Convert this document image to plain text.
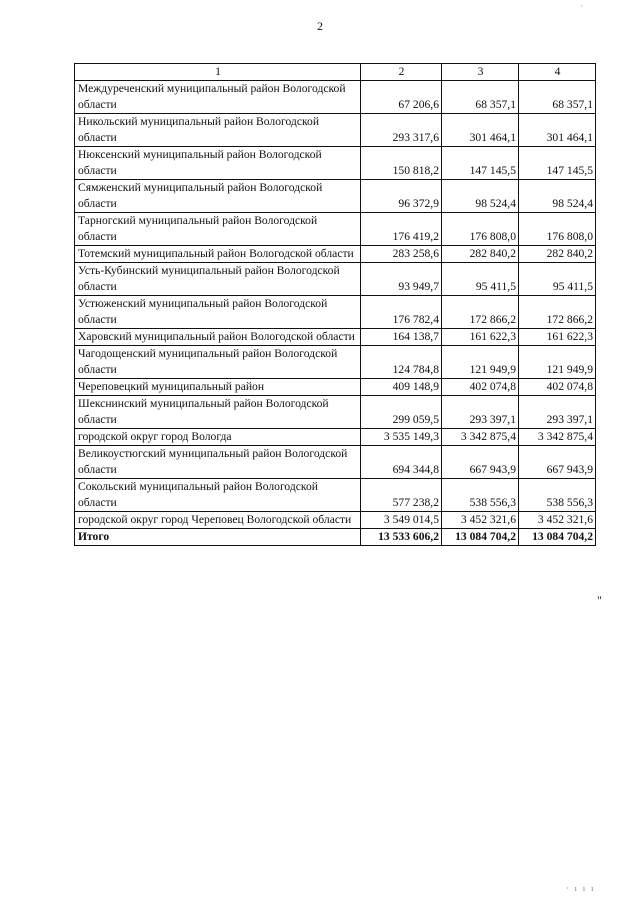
·
2
1	2	3	4
Междуреченский муниципальный район Вологодской области	67 206,6	68 357,1	68 357,1
Никольский муниципальный район Вологодской области	293 317,6	301 464,1	301 464,1
Нюксенский муниципальный район Вологодской области	150 818,2	147 145,5	147 145,5
Сямженский муниципальный район Вологодской области	96 372,9	98 524,4	98 524,4
Тарногский муниципальный район Вологодской области	176 419,2	176 808,0	176 808,0
Тотемский муниципальный район Вологодской области	283 258,6	282 840,2	282 840,2
Усть-Кубинский муниципальный район Вологодской области	93 949,7	95 411,5	95 411,5
Устюженский муниципальный район Вологодской области	176 782,4	172 866,2	172 866,2
Харовский муниципальный район Вологодской области	164 138,7	161 622,3	161 622,3
Чагодощенский муниципальный район Вологодской области	124 784,8	121 949,9	121 949,9
Череповецкий муниципальный район	409 148,9	402 074,8	402 074,8
Шекснинский муниципальный район Вологодской области	299 059,5	293 397,1	293 397,1
городской округ город Вологда	3 535 149,3	3 342 875,4	3 342 875,4
Великоустюгский муниципальный район Вологодской области	694 344,8	667 943,9	667 943,9
Сокольский муниципальный район Вологодской области	577 238,2	538 556,3	538 556,3
городской округ город Череповец Вологодской области	3 549 014,5	3 452 321,6	3 452 321,6
Итого	13 533 606,2	13 084 704,2	13 084 704,2
"
· ı ı ı
